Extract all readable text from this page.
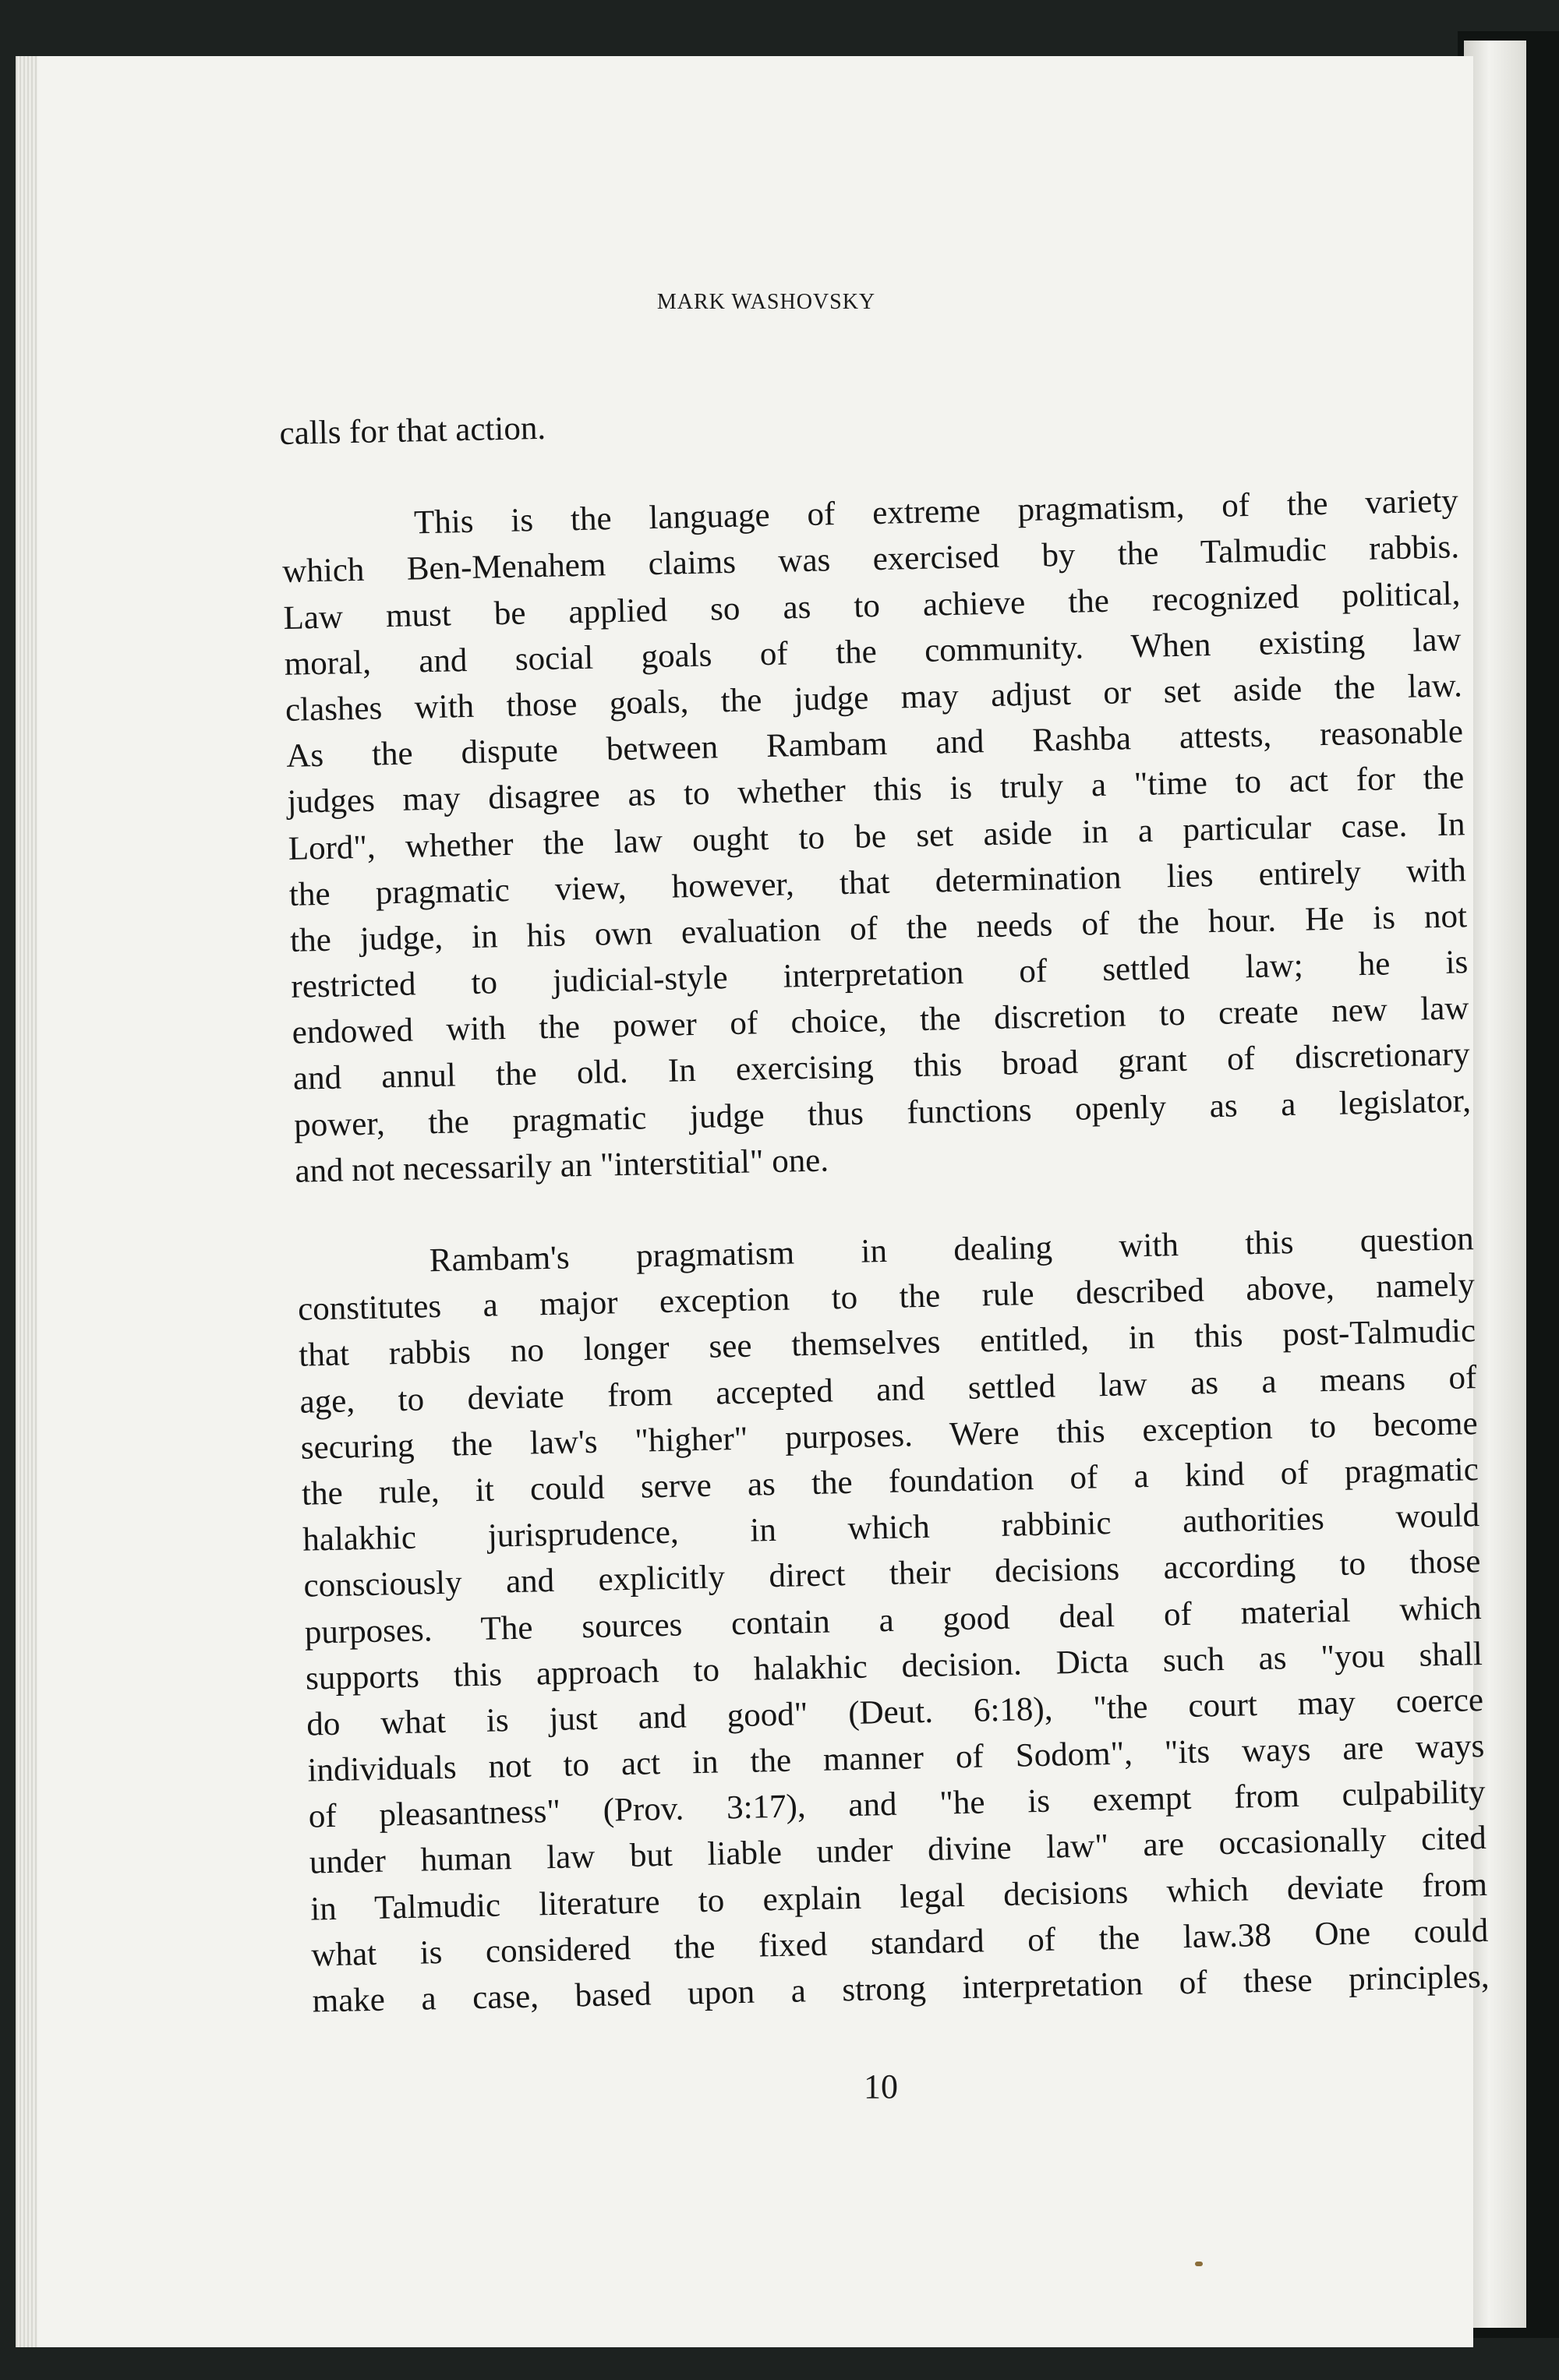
MARK WASHOVSKY
calls for that action.
This is the language of extreme pragmatism, of the variety
which Ben-Menahem claims was exercised by the Talmudic rabbis.
Law must be applied so as to achieve the recognized political,
moral, and social goals of the community. When existing law
clashes with those goals, the judge may adjust or set aside the law.
As the dispute between Rambam and Rashba attests, reasonable
judges may disagree as to whether this is truly a "time to act for the
Lord", whether the law ought to be set aside in a particular case. In
the pragmatic view, however, that determination lies entirely with
the judge, in his own evaluation of the needs of the hour. He is not
restricted to judicial-style interpretation of settled law; he is
endowed with the power of choice, the discretion to create new law
and annul the old. In exercising this broad grant of discretionary
power, the pragmatic judge thus functions openly as a legislator,
and not necessarily an "interstitial" one.
Rambam's pragmatism in dealing with this question
constitutes a major exception to the rule described above, namely
that rabbis no longer see themselves entitled, in this post-Talmudic
age, to deviate from accepted and settled law as a means of
securing the law's "higher" purposes. Were this exception to become
the rule, it could serve as the foundation of a kind of pragmatic
halakhic jurisprudence, in which rabbinic authorities would
consciously and explicitly direct their decisions according to those
purposes. The sources contain a good deal of material which
supports this approach to halakhic decision. Dicta such as "you shall
do what is just and good" (Deut. 6:18), "the court may coerce
individuals not to act in the manner of Sodom", "its ways are ways
of pleasantness" (Prov. 3:17), and "he is exempt from culpability
under human law but liable under divine law" are occasionally cited
in Talmudic literature to explain legal decisions which deviate from
what is considered the fixed standard of the law.38 One could
make a case, based upon a strong interpretation of these principles,
10
